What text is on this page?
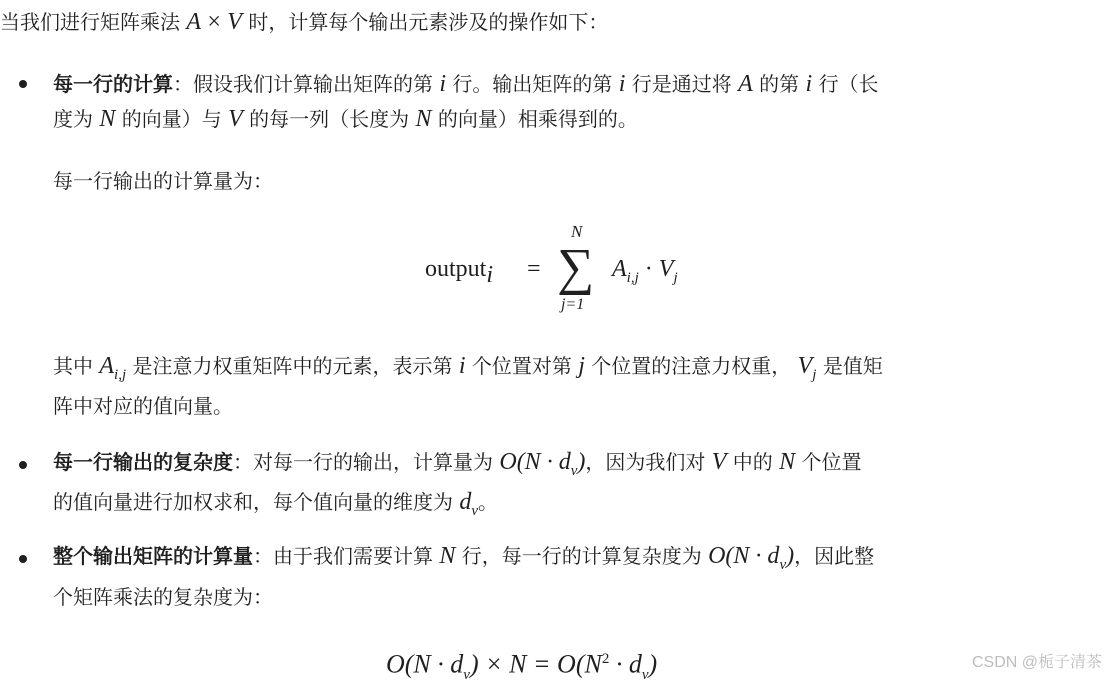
当我们进行矩阵乘法 A × V 时，计算每个输出元素涉及的操作如下：
每一行的计算：假设我们计算输出矩阵的第 i 行。输出矩阵的第 i 行是通过将 A 的第 i 行（长
度为 N 的向量）与 V 的每一列（长度为 N 的向量）相乘得到的。
每一行输出的计算量为：
output$_i$ =
N
∑
j=1
$A_{i,j} \cdot V_j$
其中 $A_{i,j}$ 是注意力权重矩阵中的元素，表示第 i 个位置对第 j 个位置的注意力权重， $V_j$ 是值矩
阵中对应的值向量。
每一行输出的复杂度：对每一行的输出，计算量为 $O(N \cdot d_v)$，因为我们对 V 中的 N 个位置
的值向量进行加权求和，每个值向量的维度为 $d_v$。
整个输出矩阵的计算量：由于我们需要计算 N 行，每一行的计算复杂度为 $O(N \cdot d_v)$，因此整
个矩阵乘法的复杂度为：
$O(N \cdot d_v) \times N = O(N^2 \cdot d_v)$	CSDN @栀子清茶
